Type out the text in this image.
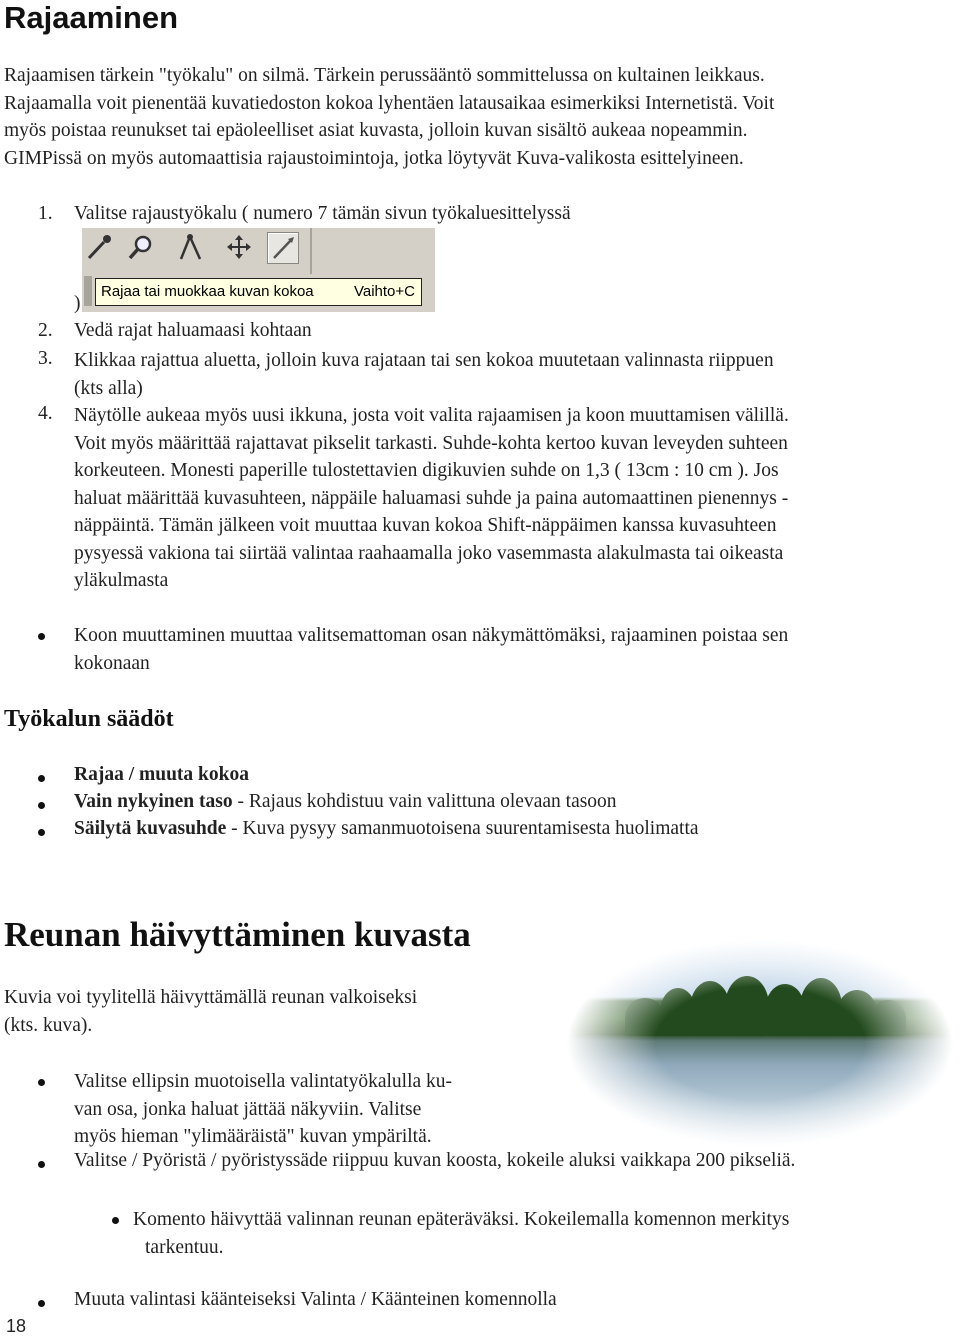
Rajaaminen
Rajaamisen tärkein "työkalu" on silmä. Tärkein perussääntö sommittelussa on kultainen leikkaus.
Rajaamalla voit pienentää kuvatiedoston kokoa lyhentäen latausaikaa esimerkiksi Internetistä. Voit
myös poistaa reunukset tai epäoleelliset asiat kuvasta, jolloin kuvan sisältö aukeaa nopeammin.
GIMPissä on myös automaattisia rajaustoimintoja, jotka löytyvät Kuva-valikosta esittelyineen.
1. Valitse rajaustyökalu ( numero 7 tämän sivun työkaluesittelyssä
Rajaa tai muokkaa kuvan kokoa	Vaihto+C
)
2. Vedä rajat haluamaasi kohtaan
3. Klikkaa rajattua aluetta, jolloin kuva rajataan tai sen kokoa muutetaan valinnasta riippuen
(kts alla)
4. Näytölle aukeaa myös uusi ikkuna, josta voit valita rajaamisen ja koon muuttamisen välillä.
Voit myös määrittää rajattavat pikselit tarkasti. Suhde-kohta kertoo kuvan leveyden suhteen
korkeuteen. Monesti paperille tulostettavien digikuvien suhde on 1,3 ( 13cm : 10 cm ). Jos
haluat määrittää kuvasuhteen, näppäile haluamasi suhde ja paina automaattinen pienennys -
näppäintä. Tämän jälkeen voit muuttaa kuvan kokoa Shift-näppäimen kanssa kuvasuhteen
pysyessä vakiona tai siirtää valintaa raahaamalla joko vasemmasta alakulmasta tai oikeasta
yläkulmasta
Koon muuttaminen muuttaa valitsemattoman osan näkymättömäksi, rajaaminen poistaa sen
kokonaan
Työkalun säädöt
Rajaa / muuta kokoa
Vain nykyinen taso - Rajaus kohdistuu vain valittuna olevaan tasoon
Säilytä kuvasuhde - Kuva pysyy samanmuotoisena suurentamisesta huolimatta
Reunan häivyttäminen kuvasta
Kuvia voi tyylitellä häivyttämällä reunan valkoiseksi
(kts. kuva).
Valitse ellipsin muotoisella valintatyökalulla ku-
van osa, jonka haluat jättää näkyviin. Valitse
myös hieman "ylimääräistä" kuvan ympäriltä.
Valitse / Pyöristä / pyöristyssäde riippuu kuvan koosta, kokeile aluksi vaikkapa 200 pikseliä.
Komento häivyttää valinnan reunan epäteräväksi. Kokeilemalla komennon merkitys
tarkentuu.
Muuta valintasi käänteiseksi Valinta / Käänteinen komennolla
18
